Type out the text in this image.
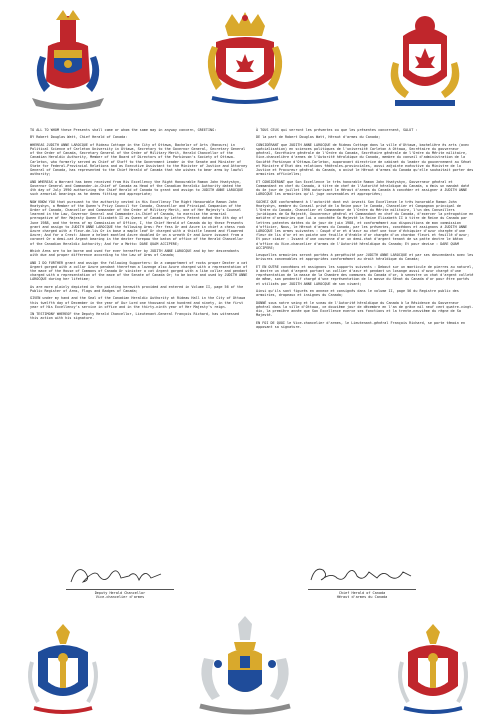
TO ALL TO WHOM these Presents shall come or whom the same may in anyway concern, GREETING:

BY Robert Douglas Watt, Chief Herald of Canada:

WHEREAS JUDITH ANNE LAROCQUE of Rideau Cottage in the City of Ottawa, Bachelor of Arts (Honours) in Political Science of Carleton University in Ottawa, Secretary to the Governor General, Secretary General of the Order of Canada, Secretary General of the Order of Military Merit, Herald Chancellor of the Canadian Heraldic Authority, Member of the Board of Directors of the Parkinson's Society of Ottawa-Carleton, who formerly served as Chief of Staff to the Government Leader in the Senate and Minister of State for Federal-Provincial Relations and as Executive Assistant to the Minister of Justice and Attorney General of Canada, has represented to the Chief Herald of Canada that she wishes to bear arms by lawful authority;

AND WHEREAS a Warrant has been received from His Excellency the Right Honourable Ramon John Hnatyshyn, Governor General and Commander-in-Chief of Canada as Head of the Canadian Heraldic Authority dated the 4th day of July 1990 authorizing the Chief Herald of Canada to grant and assign to JUDITH ANNE LAROCQUE such armorial bearings as he deems fitting and appropriate;

NOW KNOW YOU that pursuant to the authority vested in His Excellency The Right Honourable Ramon John Hnatyshyn, a Member of the Queen's Privy Council for Canada, Chancellor and Principal Companion of the Order of Canada, Chancellor and Commander of the Order of Military Merit, one of Her Majesty's Counsel learned in the Law, Governor General and Commander-in-Chief of Canada, to exercise the armorial prerogative of Her Majesty Queen Elizabeth II as Queen of Canada by Letters Patent dated the 4th day of June 1988, and the terms of my Commission of Office, I, the Chief Herald of Canada do by these Presents grant and assign to JUDITH ANNE LAROCQUE the following Arms: Per fess Or and Azure in chief a chess rook Azure charged with a fleur-de-lis Or in base a maple leaf Or charged with a thistle leaved and flowered Azure; And for a Crest: Above a helmet mantled Azure doubled Or on a wreath Or and Azure issuant from a coronet Or a demi-cat Argent bearing in the dexter forepaw the baton of office of the Herald Chancellor of the Canadian Heraldic Authority; And for a Motto: DARE QUAM ACCIPERE;

Which Arms are to be borne and used for ever hereafter by JUDITH ANNE LAROCQUE and by her descendants with due and proper difference according to the Law of Arms of Canada;

AND I DO FURTHER grant and assign the following Supporters: On a compartment of rocks proper Dexter a cat Argent gorged with a collar Azure pendant therefrom a lozenge also Azure charged with a representation of the mace of the House of Commons of Canada Or sinister a cat Argent gorged with a like collar and pendant charged with a representation of the mace of the Senate of Canada Or; to be borne and used by JUDITH ANNE LAROCQUE during her lifetime;

As are more plainly depicted in the painting herewith provided and entered in Volume II, page 56 of the Public Register of Arms, Flags and Badges of Canada;

GIVEN under my hand and the Seal of the Canadian Heraldic Authority at Rideau Hall in the City of Ottawa this twelfth day of December in the year of Our Lord one thousand nine hundred and ninety, in the first year of His Excellency's service in office and in the thirty-ninth year of Her Majesty's reign.

IN TESTIMONY WHEREOF the Deputy Herald Chancellor, Lieutenant-General François Richard, has witnessed this action with his signature.

À TOUS CEUX qui verront les présentes ou que les présentes concernent, SALUT :

DE la part de Robert Douglas Watt, Héraut d'armes du Canada;

CONSIDÉRANT que JUDITH ANNE LAROCQUE de Rideau Cottage dans la ville d'Ottawa, bachelière ès arts (avec spécialisation) en sciences politiques de l'université Carleton à Ottawa, Secrétaire du gouverneur général, Secrétaire générale de l'Ordre du Canada, Secrétaire générale de l'Ordre du Mérite militaire, Vice-chancelière d'armes de l'Autorité héraldique du Canada, membre du conseil d'administration de la Société Parkinson d'Ottawa-Carleton, auparavant directrice de cabinet du leader du gouvernement au Sénat et Ministre d'État des relations fédérales-provinciales, aussi adjointe exécutive du Ministre de la Justice et Procureur général du Canada, a avisé le Héraut d'armes du Canada qu'elle souhaitait porter des armoiries officielles;

ET CONSIDÉRANT que Son Excellence le très honorable Ramon John Hnatyshyn, Gouverneur général et Commandant en chef du Canada, à titre de chef de l'Autorité héraldique du Canada, a émis un mandat daté du 4e jour de juillet 1990 autorisant le Héraut d'armes du Canada à concéder et assigner à JUDITH ANNE LAROCQUE les armoiries qu'il juge convenables et appropriées;

SACHEZ QUE conformément à l'autorité dont est investi Son Excellence le très honorable Ramon John Hnatyshyn, membre du Conseil privé de la Reine pour le Canada, Chancelier et Compagnon principal de l'Ordre du Canada, Chancelier et Commandeur de l'Ordre du Mérite militaire, l'un des Conseillers juridiques de Sa Majesté, Gouverneur général et Commandant en chef du Canada, d'exercer la prérogative en matière d'armoiries que lui a concédée Sa Majesté la Reine Elizabeth II à titre de Reine du Canada par lettres patentes datées du 4e jour de juin 1988, et conformément aux dispositions de mon commission d'officier, Nous, le Héraut d'armes du Canada, par les présentes, concédons et assignons à JUDITH ANNE LAROCQUE les armes suivantes : Coupé d'or et d'azur au chef une tour d'échiquier d'azur chargée d'une fleur de lis d'or et en pointe une feuille d'érable d'or chargée d'un chardon fleuri et feuillé d'azur; Et pour cimier : Issant d'une couronne d'or un demi-chat d'argent tenant de sa patte dextre le bâton d'office du Vice-chancelier d'armes de l'Autorité héraldique du Canada; Et pour devise : DARE QUAM ACCIPERE;

Lesquelles armoiries seront portées à perpétuité par JUDITH ANNE LAROCQUE et par ses descendants avec les brisures convenables et appropriées conformément au droit héraldique du Canada;

ET EN OUTRE concédons et assignons les supports suivants : Debout sur un monticule de pierres au naturel, à dextre un chat d'argent portant un collier d'azur et pendant un losange aussi d'azur chargé d'une représentation de la masse de la Chambre des communes du Canada d'or, à senestre un chat d'argent colleté de même, son pendentif chargé d'une représentation de la masse du Sénat du Canada d'or pour être portés et utilisés par JUDITH ANNE LAROCQUE de son vivant;

Ainsi qu'ils sont figurés en annexe et consignés dans le volume II, page 56 du Registre public des armoiries, drapeaux et insignes du Canada;

DONNÉ sous notre seing et le sceau de l'Autorité héraldique du Canada à la Résidence du Gouverneur général dans la ville d'Ottawa, ce douzième jour de décembre en l'an de grâce mil neuf cent quatre-vingt-dix, la première année que Son Excellence exerce ses fonctions et la trente-neuvième du règne de Sa Majesté.

EN FOI DE QUOI le Vice-chancelier d'armes, le Lieutenant-général François Richard, se porte témoin en apposant sa signature.

Deputy Herald Chancellor
Vice-chancelier d'armes
Chief Herald of Canada
Héraut d'armes du Canada
